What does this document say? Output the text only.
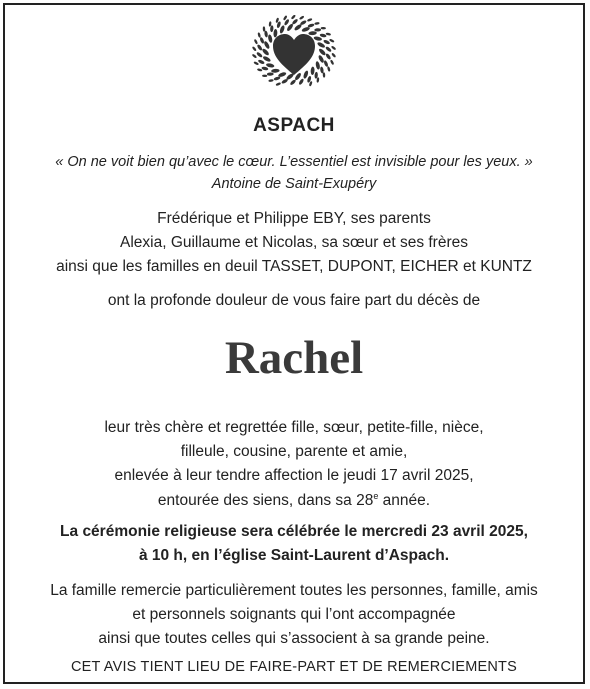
ASPACH
« On ne voit bien qu’avec le cœur. L’essentiel est invisible pour les yeux. »
Antoine de Saint-Exupéry
Frédérique et Philippe EBY, ses parents
Alexia, Guillaume et Nicolas, sa sœur et ses frères
ainsi que les familles en deuil TASSET, DUPONT, EICHER et KUNTZ
ont la profonde douleur de vous faire part du décès de
Rachel
leur très chère et regrettée fille, sœur, petite-fille, nièce,
filleule, cousine, parente et amie,
enlevée à leur tendre affection le jeudi 17 avril 2025,
entourée des siens, dans sa 28e année.
La cérémonie religieuse sera célébrée le mercredi 23 avril 2025,
à 10 h, en l’église Saint-Laurent d’Aspach.
La famille remercie particulièrement toutes les personnes, famille, amis
et personnels soignants qui l’ont accompagnée
ainsi que toutes celles qui s’associent à sa grande peine.
CET AVIS TIENT LIEU DE FAIRE-PART ET DE REMERCIEMENTS
